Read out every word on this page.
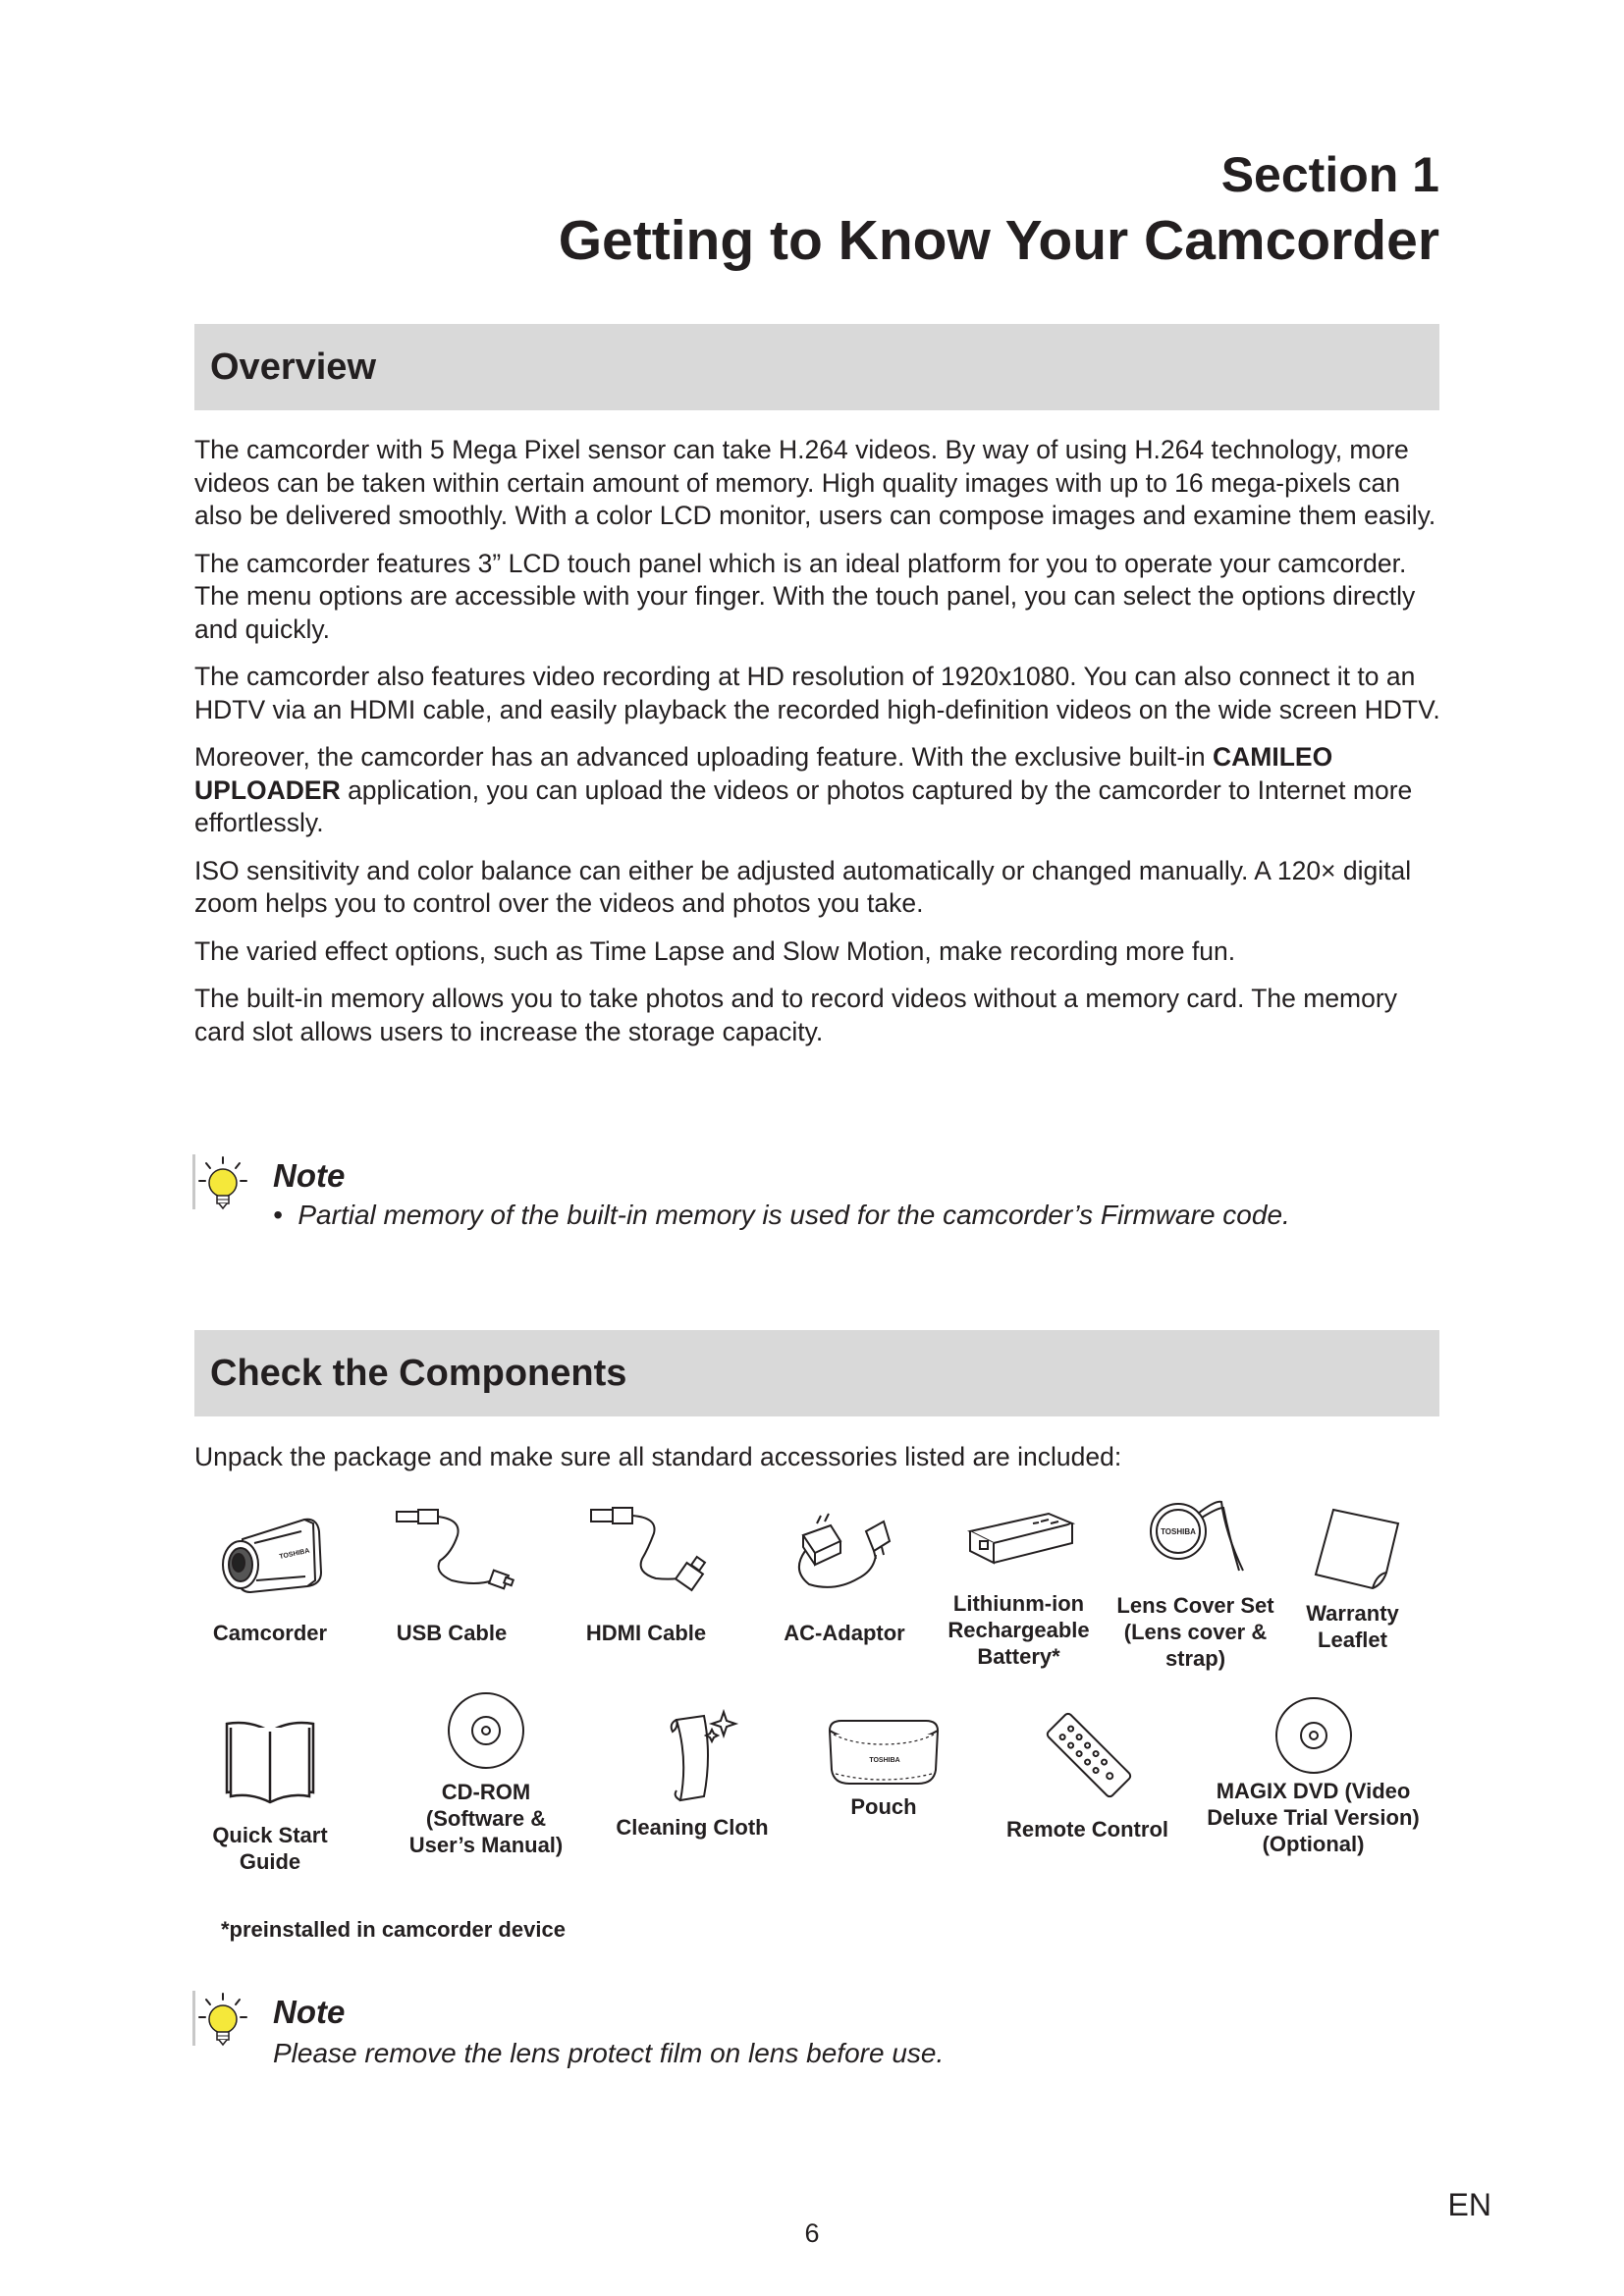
Section 1
Getting to Know Your Camcorder
Overview

The camcorder with 5 Mega Pixel sensor can take H.264 videos. By way of using H.264 technology, more videos can be taken within certain amount of memory. High quality images with up to 16 mega-pixels can also be delivered smoothly. With a color LCD monitor, users can compose images and examine them easily.

The camcorder features 3” LCD touch panel which is an ideal platform for you to operate your camcorder. The menu options are accessible with your finger. With the touch panel, you can select the options directly and quickly.

The camcorder also features video recording at HD resolution of 1920x1080. You can also connect it to an HDTV via an HDMI cable, and easily playback the recorded high-definition videos on the wide screen HDTV.

Moreover, the camcorder has an advanced uploading feature. With the exclusive built-in CAMILEO UPLOADER application, you can upload the videos or photos captured by the camcorder to Internet more effortlessly.

ISO sensitivity and color balance can either be adjusted automatically or changed manually. A 120× digital zoom helps you to control over the videos and photos you take.

The varied effect options, such as Time Lapse and Slow Motion, make recording more fun.

The built-in memory allows you to take photos and to record videos without a memory card. The memory card slot allows users to increase the storage capacity.

Note
• Partial memory of the built-in memory is used for the camcorder’s Firmware code.
Check the Components
Unpack the package and make sure all standard accessories listed are included:
TOSHIBA
Camcorder	USB Cable	HDMI Cable	AC-Adaptor
Lithiunm-ion
Rechargeable
Battery*
TOSHIBA
Lens Cover Set
(Lens cover &
strap)
Warranty
Leaflet
Quick Start
Guide
CD-ROM
(Software &
User’s Manual)
Cleaning Cloth
TOSHIBA
Pouch
Remote Control
MAGIX DVD (Video
Deluxe Trial Version)
(Optional)
*preinstalled in camcorder device
Note
Please remove the lens protect film on lens before use.
EN
6
